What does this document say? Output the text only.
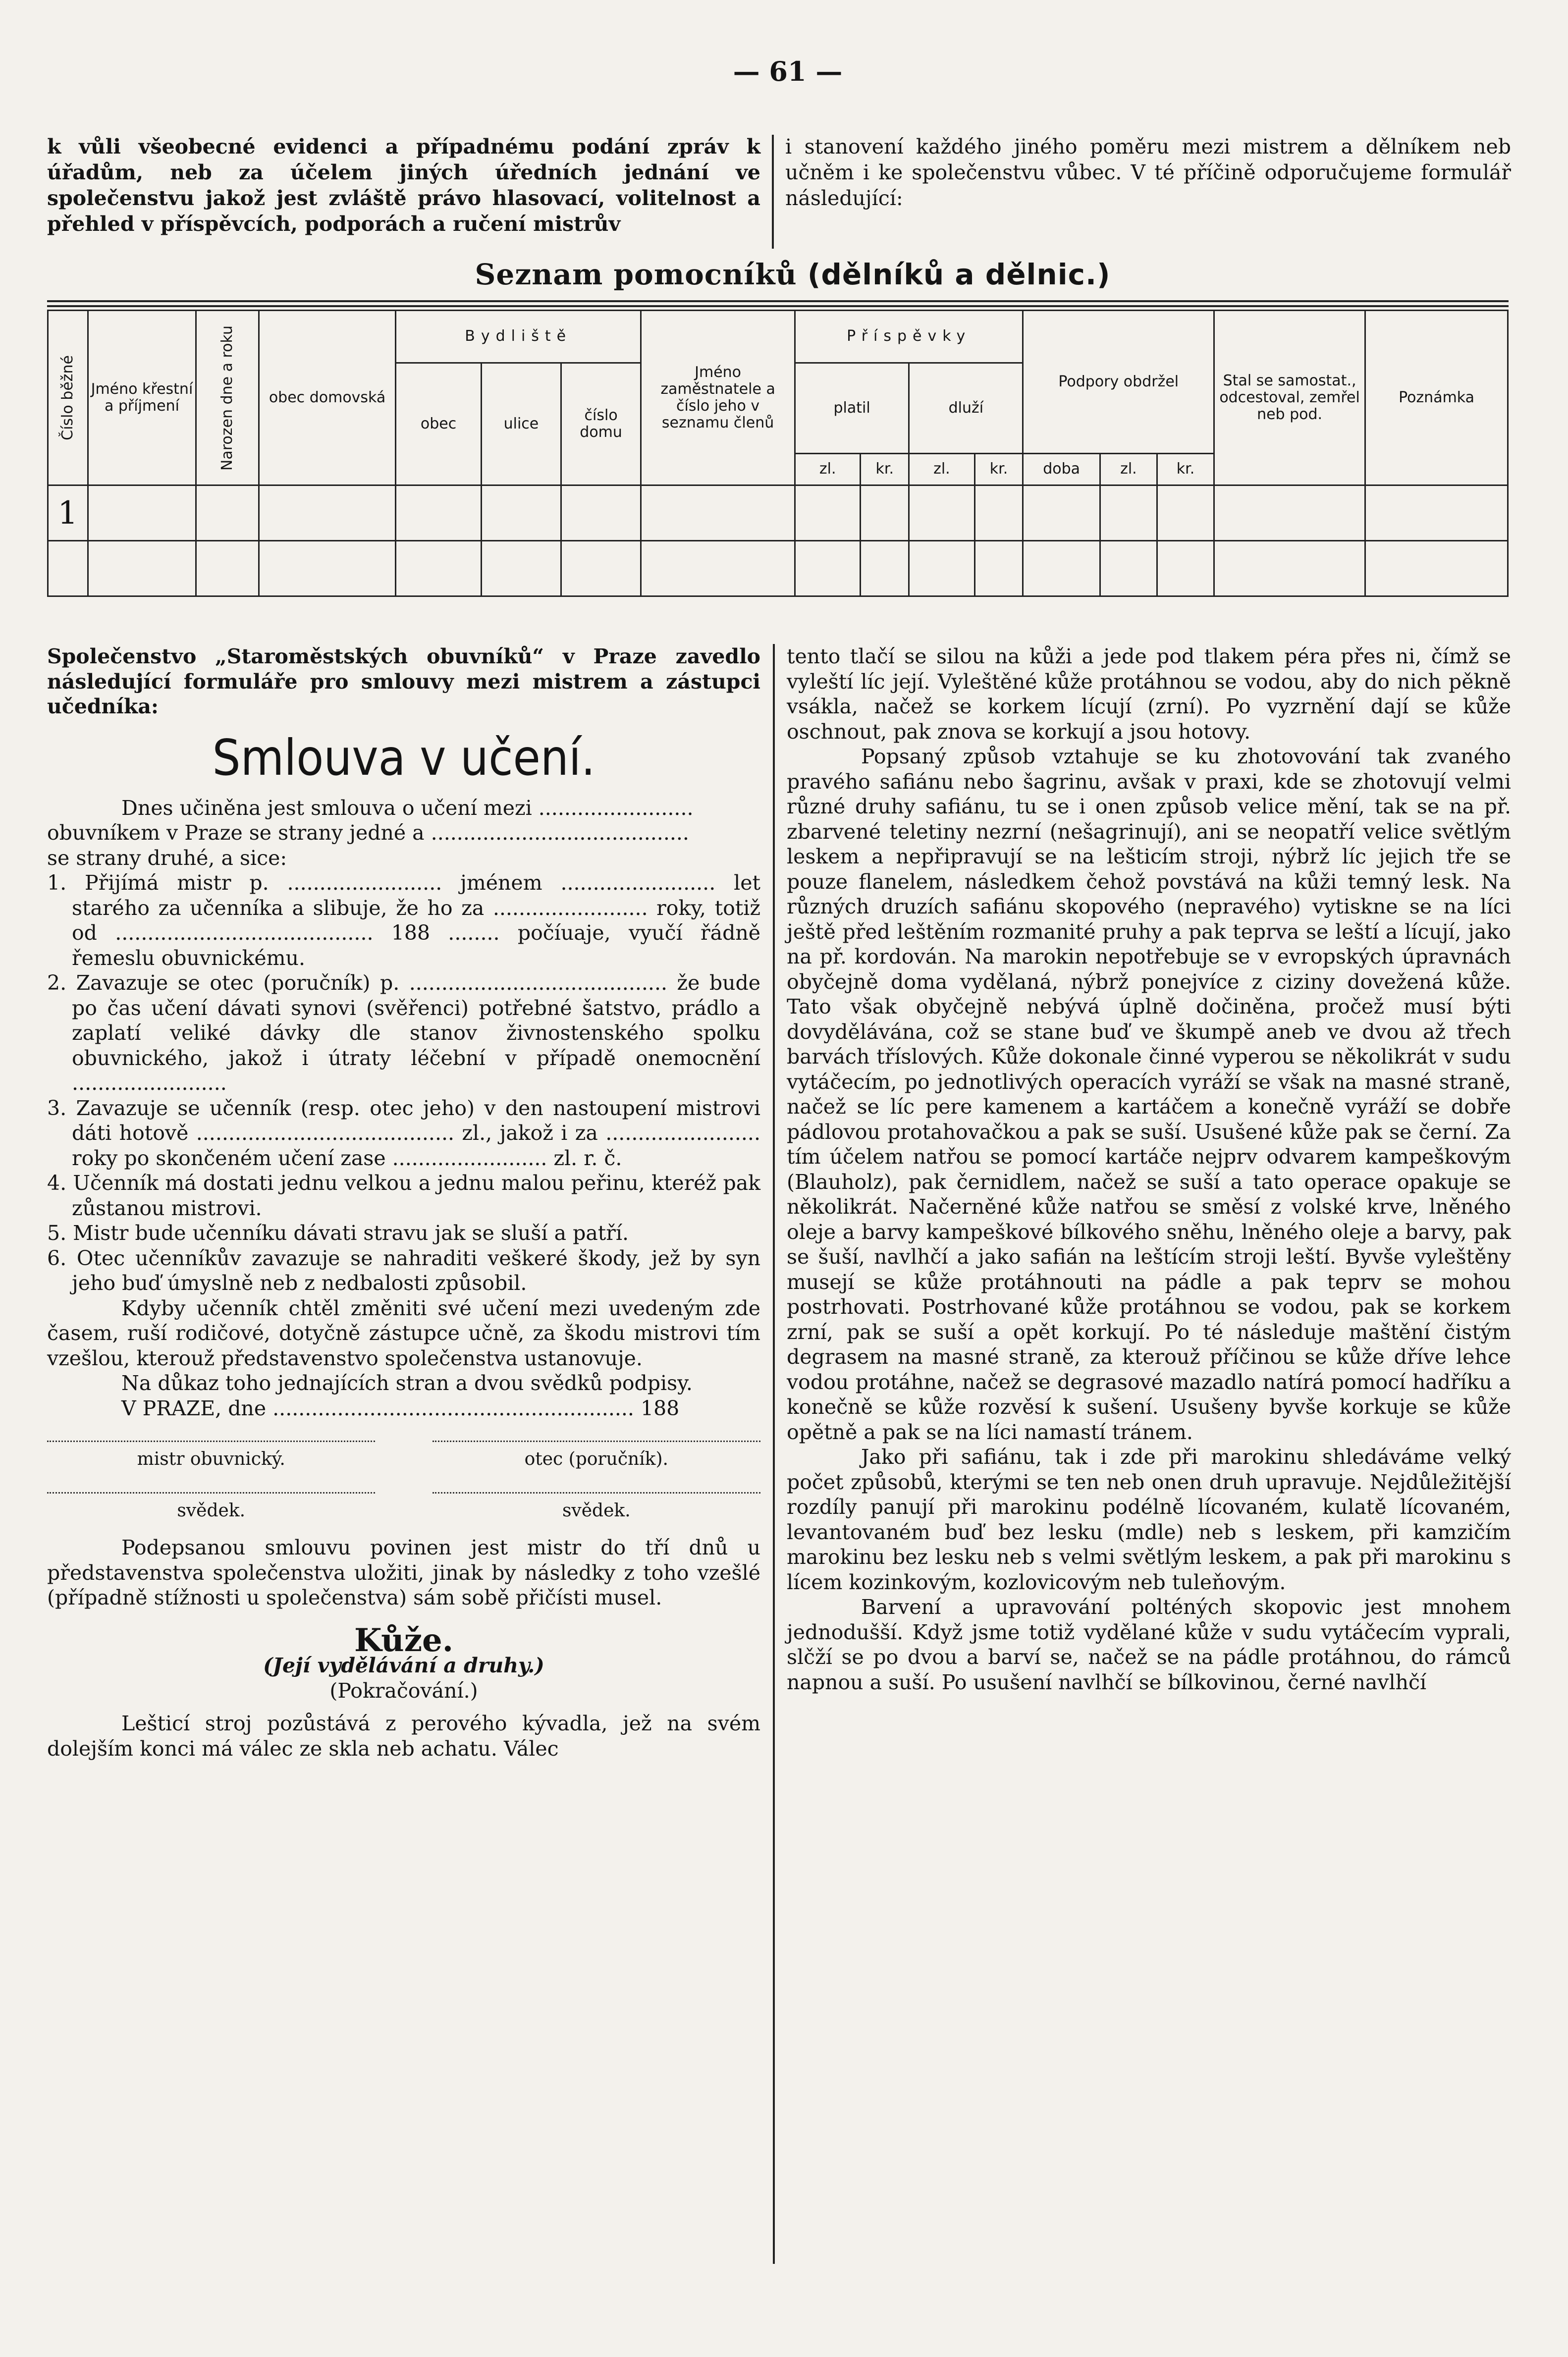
— 61 —

k vůli všeobecné evidenci a případnému podání zpráv k úřadům, neb za účelem jiných úředních jednání ve společenstvu jakož jest zvláště právo hlasovací, volitelnost a přehled v příspěvcích, podporách a ručení mistrův

i stanovení každého jiného poměru mezi mistrem a dělníkem neb učněm i ke společenstvu vůbec. V té příčině odporučujeme formulář následující:

Seznam pomocníků (dělníků a dělnic.)
Číslo běžné	Jméno křestní a příjmení	Narozen dne a roku	obec domovská	Bydliště			Jméno zaměstnatele a číslo jeho v seznamu členů	Příspěvky				Podpory obdržel			Stal se samostat., odcestoval, zemřel neb pod.	Poznámka
				obec	ulice	číslo domu		platil		dluží						
								zl.	kr.	zl.	kr.	doba	zl.	kr.		
1																

Společenstvo „Staroměstských obuvníků“ v Praze zavedlo následující formuláře pro smlouvy mezi mistrem a zástupci učedníka:

Smlouva v učení.

Dnes učiněna jest smlouva o učení mezi ........................

obuvníkem v Praze se strany jedné a ........................................

se strany druhé, a sice:

1. Přijímá mistr p. ........................ jménem ........................ let starého za učenníka a slibuje, že ho za ........................ roky, totiž od ........................................ 188 ........ počíuaje, vyučí řádně řemeslu obuvnickému.

2. Zavazuje se otec (poručník) p. ........................................ že bude po čas učení dávati synovi (svěřenci) potřebné šatstvo, prádlo a zaplatí veliké dávky dle stanov živnostenského spolku obuvnického, jakož i útraty léčební v případě onemocnění ........................

3. Zavazuje se učenník (resp. otec jeho) v den nastoupení mistrovi dáti hotově ........................................ zl., jakož i za ........................ roky po skončeném učení zase ........................ zl. r. č.

4. Učenník má dostati jednu velkou a jednu malou peřinu, kteréž pak zůstanou mistrovi.

5. Mistr bude učenníku dávati stravu jak se sluší a patří.

6. Otec učenníkův zavazuje se nahraditi veškeré škody, jež by syn jeho buď úmyslně neb z nedbalosti způsobil.

Kdyby učenník chtěl změniti své učení mezi uvedeným zde časem, ruší rodičové, dotyčně zástupce učně, za škodu mistrovi tím vzešlou, kterouž představenstvo společenstva ustanovuje.

Na důkaz toho jednajících stran a dvou svědků podpisy.

V PRAZE, dne ........................................................ 188

mistr obuvnický.	otec (poručník).
svědek.	svědek.

Podepsanou smlouvu povinen jest mistr do tří dnů u představenstva společenstva uložiti, jinak by následky z toho vzešlé (případně stížnosti u společenstva) sám sobě přičísti musel.

Kůže.

(Její vydělávání a druhy.)

(Pokračování.)

Lešticí stroj pozůstává z perového kývadla, jež na svém dolejším konci má válec ze skla neb achatu. Válec

tento tlačí se silou na kůži a jede pod tlakem péra přes ni, čímž se vyleští líc její. Vyleštěné kůže protáhnou se vodou, aby do nich pěkně vsákla, načež se korkem lícují (zrní). Po vyzrnění dají se kůže oschnout, pak znova se korkují a jsou hotovy.

Popsaný způsob vztahuje se ku zhotovování tak zvaného pravého safiánu nebo šagrinu, avšak v praxi, kde se zhotovují velmi různé druhy safiánu, tu se i onen způsob velice mění, tak se na př. zbarvené teletiny nezrní (nešagrinují), ani se neopatří velice světlým leskem a nepřipravují se na lešticím stroji, nýbrž líc jejich tře se pouze flanelem, následkem čehož povstává na kůži temný lesk. Na různých druzích safiánu skopového (nepravého) vytiskne se na líci ještě před leštěním rozmanité pruhy a pak teprva se leští a lícují, jako na př. kordován. Na marokin nepotřebuje se v evropských úpravnách obyčejně doma vydělaná, nýbrž ponejvíce z ciziny dovežená kůže. Tato však obyčejně nebývá úplně dočiněna, pročež musí býti dovydělávána, což se stane buď ve škumpě aneb ve dvou až třech barvách tříslových. Kůže dokonale činné vyperou se několikrát v sudu vytáčecím, po jednotlivých operacích vyráží se však na masné straně, načež se líc pere kamenem a kartáčem a konečně vyráží se dobře pádlovou protahovačkou a pak se suší. Usušené kůže pak se černí. Za tím účelem natřou se pomocí kartáče nejprv odvarem kampeškovým (Blauholz), pak černidlem, načež se suší a tato operace opakuje se několikrát. Načerněné kůže natřou se směsí z volské krve, lněného oleje a barvy kampeškové bílkového sněhu, lněného oleje a barvy, pak se šuší, navlhčí a jako safián na leštícím stroji leští. Byvše vyleštěny musejí se kůže protáhnouti na pádle a pak teprv se mohou postrhovati. Postrhované kůže protáhnou se vodou, pak se korkem zrní, pak se suší a opět korkují. Po té následuje maštění čistým degrasem na masné straně, za kterouž příčinou se kůže dříve lehce vodou protáhne, načež se degrasové mazadlo natírá pomocí hadříku a konečně se kůže rozvěsí k sušení. Usušeny byvše korkuje se kůže opětně a pak se na líci namastí tránem.

Jako při safiánu, tak i zde při marokinu shledáváme velký počet způsobů, kterými se ten neb onen druh upravuje. Nejdůležitější rozdíly panují při marokinu podélně lícovaném, kulatě lícovaném, levantovaném buď bez lesku (mdle) neb s leskem, při kamzičím marokinu bez lesku neb s velmi světlým leskem, a pak při marokinu s lícem kozinkovým, kozlovicovým neb tuleňovým.

Barvení a upravování polténých skopovic jest mnohem jednodušší. Když jsme totiž vydělané kůže v sudu vytáčecím vyprali, slčží se po dvou a barví se, načež se na pádle protáhnou, do rámců napnou a suší. Po usušení navlhčí se bílkovinou, černé navlhčí
